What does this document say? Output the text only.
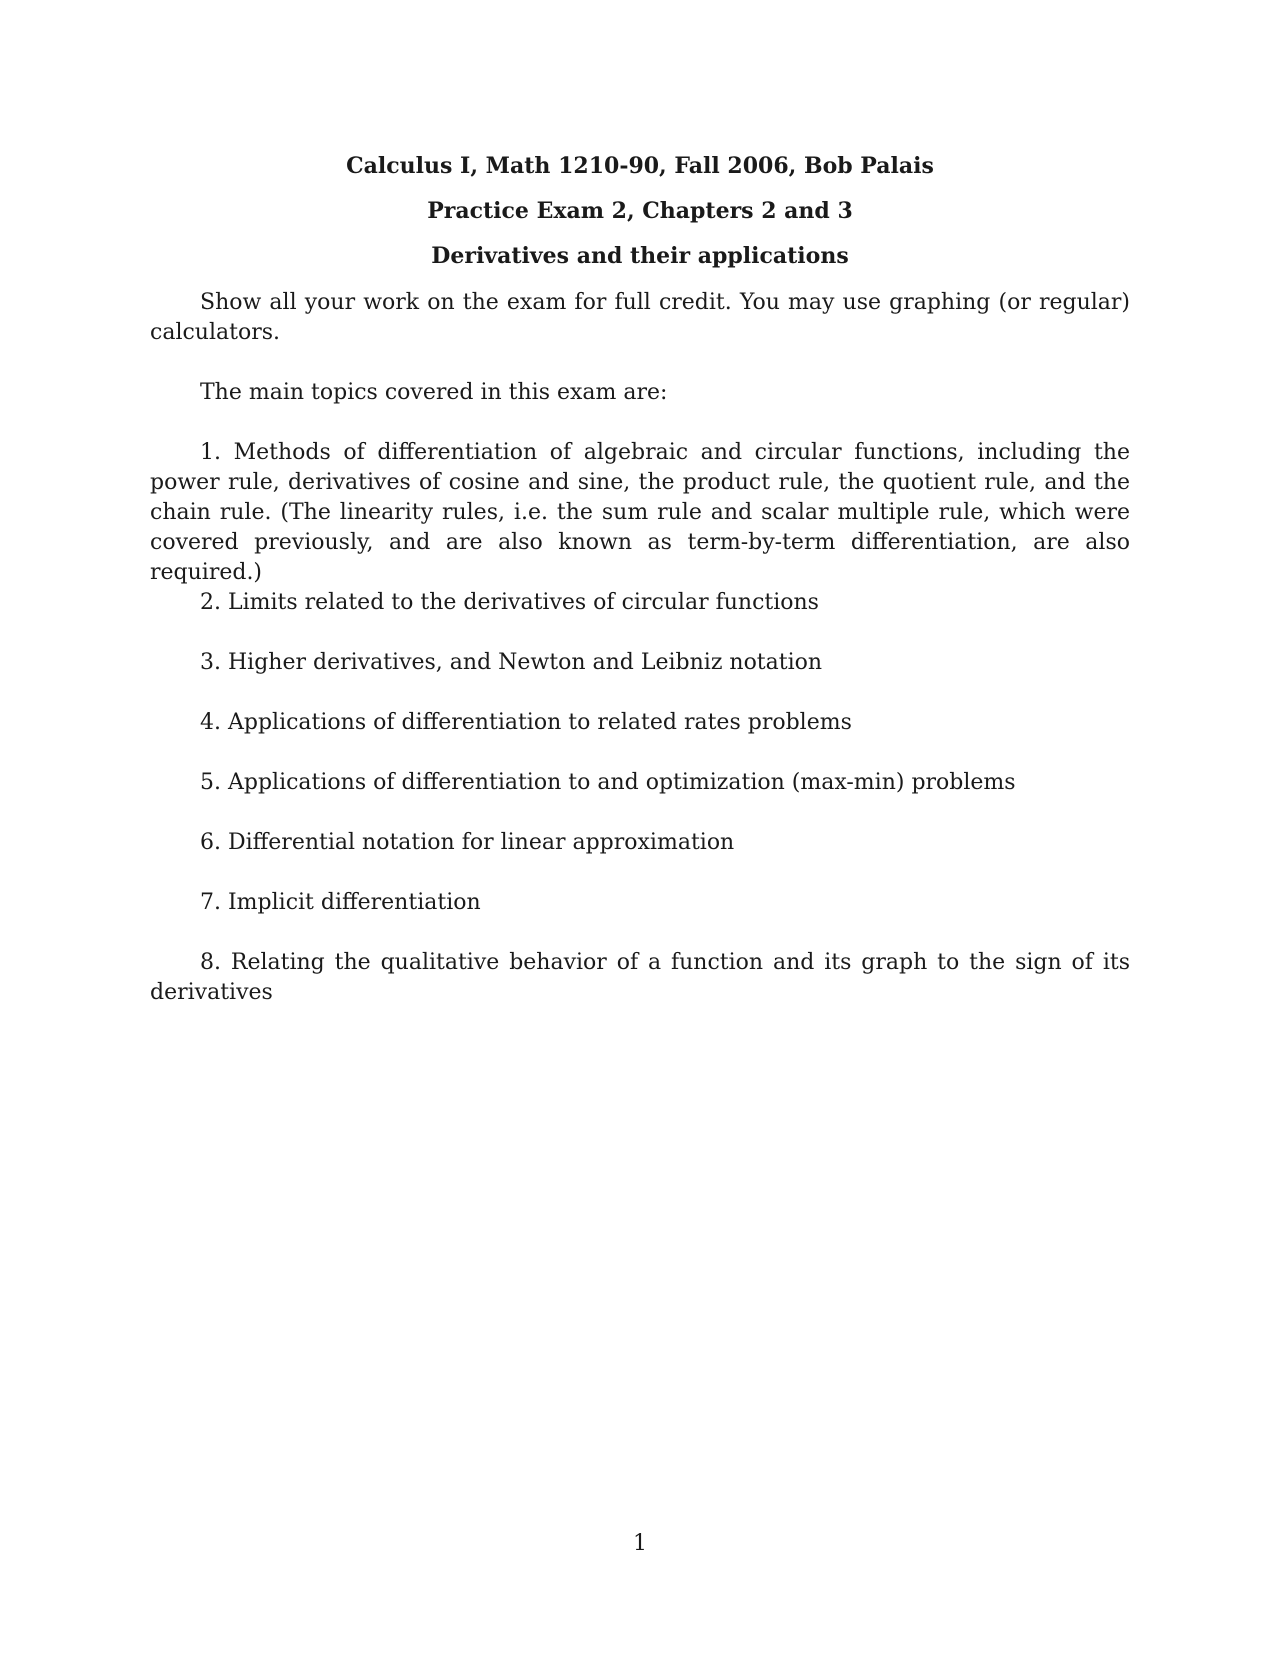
Calculus I, Math 1210-90, Fall 2006, Bob Palais
Practice Exam 2, Chapters 2 and 3
Derivatives and their applications

Show all your work on the exam for full credit. You may use graphing (or regular) calculators.

The main topics covered in this exam are:

1. Methods of differentiation of algebraic and circular functions, including the power rule, derivatives of cosine and sine, the product rule, the quotient rule, and the chain rule. (The linearity rules, i.e. the sum rule and scalar multiple rule, which were covered previously, and are also known as term-by-term differentiation, are also required.)

2. Limits related to the derivatives of circular functions

3. Higher derivatives, and Newton and Leibniz notation

4. Applications of differentiation to related rates problems

5. Applications of differentiation to and optimization (max-min) problems

6. Differential notation for linear approximation

7. Implicit differentiation

8. Relating the qualitative behavior of a function and its graph to the sign of its derivatives

1
